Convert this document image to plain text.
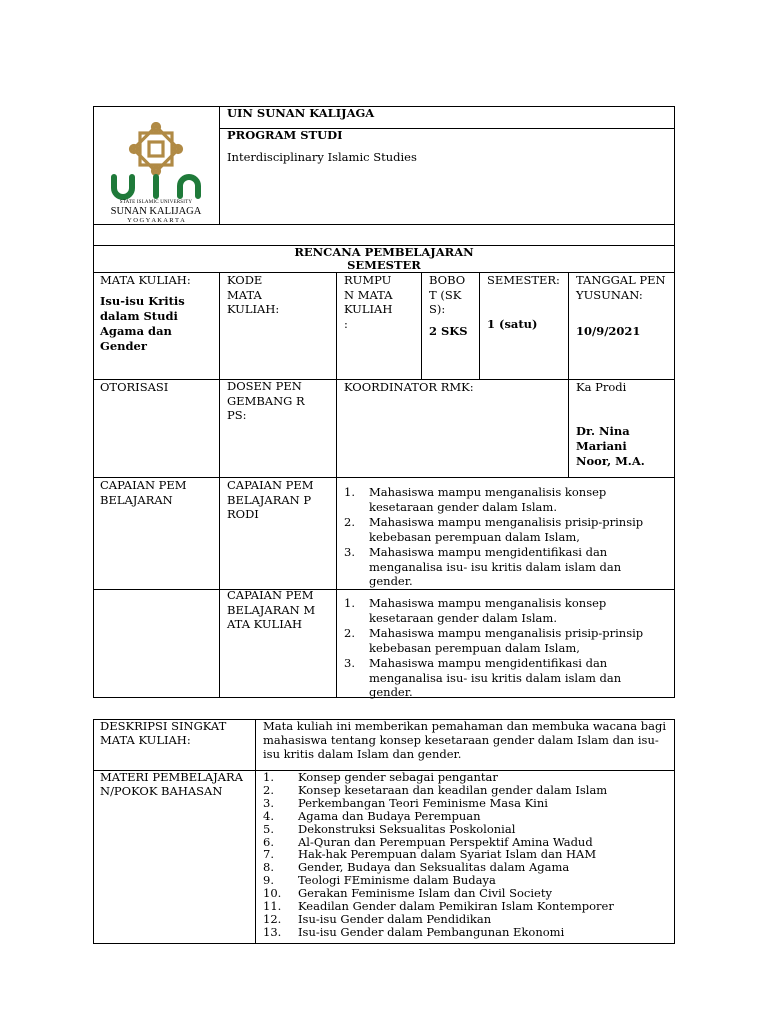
STATE ISLAMIC UNIVERSITY
SUNAN KALIJAGA
Y O G Y A K A R T A
UIN SUNAN KALIJAGA
PROGRAM STUDI
Interdisciplinary Islamic Studies
RENCANA PEMBELAJARAN SEMESTER
MATA KULIAH:
Isu-isu Kritis dalam Studi Agama dan Gender
KODE MATA KULIAH:
RUMPUN MATA KULIAH :
BOBOT (SKS):
2 SKS
SEMESTER:
1 (satu)
TANGGAL PENYUSUNAN:
10/9/2021
OTORISASI	DOSEN PENGEMBANG RPS:
KOORDINATOR RMK:	Ka Prodi
Dr. Nina Mariani Noor, M.A.
CAPAIAN PEMBELAJARAN
CAPAIAN PEMBELAJARAN PRODI
1. Mahasiswa mampu menganalisis konsep kesetaraan gender dalam Islam.
2. Mahasiswa mampu menganalisis prisip-prinsip kebebasan perempuan dalam Islam,
3. Mahasiswa mampu mengidentifikasi dan menganalisa isu- isu kritis dalam islam dan gender.
CAPAIAN PEMBELAJARAN MATA KULIAH
1. Mahasiswa mampu menganalisis konsep kesetaraan gender dalam Islam.
2. Mahasiswa mampu menganalisis prisip-prinsip kebebasan perempuan dalam Islam,
3. Mahasiswa mampu mengidentifikasi dan menganalisa isu- isu kritis dalam islam dan gender.
DESKRIPSI SINGKAT MATA KULIAH:
Mata kuliah ini memberikan pemahaman dan membuka wacana bagi mahasiswa tentang konsep kesetaraan gender dalam Islam dan isu-isu kritis dalam Islam dan gender.
MATERI PEMBELAJARAN/POKOK BAHASAN
1. Konsep gender sebagai pengantar
2. Konsep kesetaraan dan keadilan gender dalam Islam
3. Perkembangan Teori Feminisme Masa Kini
4. Agama dan Budaya Perempuan
5. Dekonstruksi Seksualitas Poskolonial
6. Al-Quran dan Perempuan Perspektif Amina Wadud
7. Hak-hak Perempuan dalam Syariat Islam dan HAM
8. Gender, Budaya dan Seksualitas dalam Agama
9. Teologi FEminisme dalam Budaya
10. Gerakan Feminisme Islam dan Civil Society
11. Keadilan Gender dalam Pemikiran Islam Kontemporer
12. Isu-isu Gender dalam Pendidikan
13. Isu-isu Gender dalam Pembangunan Ekonomi
